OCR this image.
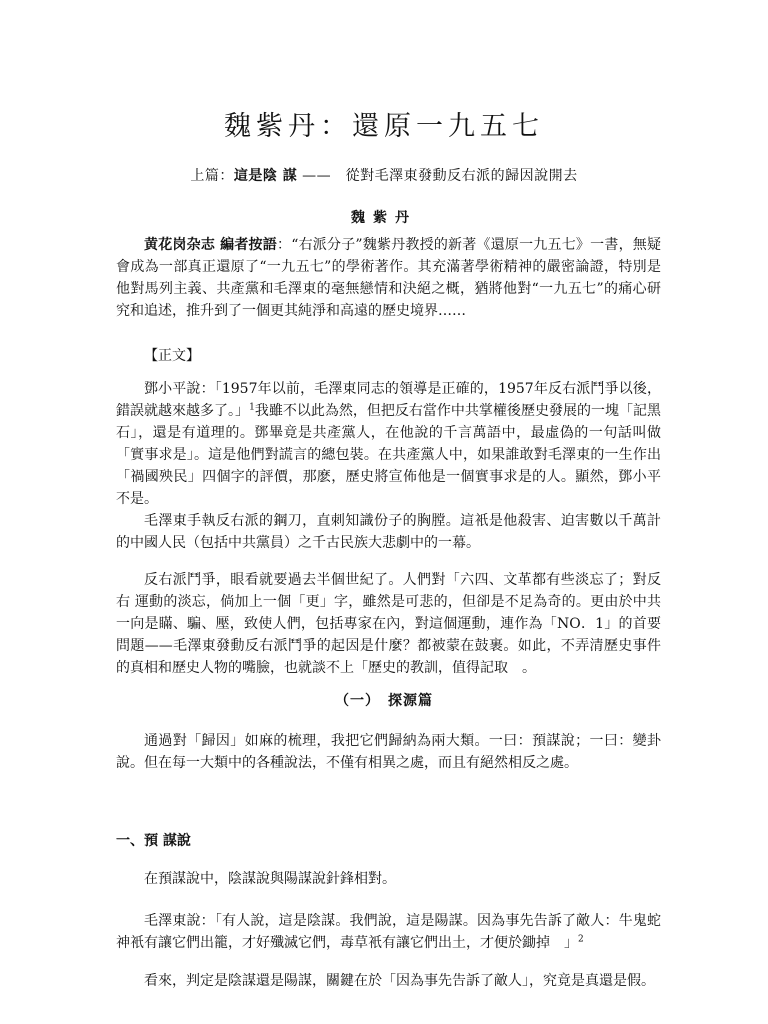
魏紫丹：還原一九五七
上篇：這是陰 謀 ——　從對毛澤東發動反右派的歸因說開去
魏紫丹

黄花岗杂志 編者按語：“右派分子”魏紫丹教授的新著《還原一九五七》一書，無疑會成為一部真正還原了“一九五七”的學術著作。其充滿著學術精神的嚴密論證，特別是他對馬列主義、共產黨和毛澤東的毫無戀情和決絕之概，猶將他對“一九五七”的痛心研究和追述，推升到了一個更其純淨和高遠的歷史境界……

【正文】

鄧小平說：「1957年以前，毛澤東同志的領導是正確的，1957年反右派鬥爭以後，錯誤就越來越多了。」$^1$我雖不以此為然，但把反右當作中共掌權後歷史發展的一塊「記黑石」，還是有道理的。鄧畢竟是共產黨人，在他說的千言萬語中，最虛偽的一句話叫做「實事求是」。這是他們對謊言的總包裝。在共產黨人中，如果誰敢對毛澤東的一生作出「禍國殃民」四個字的評價，那麽，歷史將宣佈他是一個實事求是的人。顯然，鄧小平不是。

毛澤東手執反右派的鋼刀，直刺知識份子的胸膛。這衹是他殺害、迫害數以千萬計的中國人民（包括中共黨員）之千古民族大悲劇中的一幕。

反右派鬥爭，眼看就要過去半個世紀了。人們對「六四、文革都有些淡忘了；對反右 運動的淡忘，倘加上一個「更」字，雖然是可悲的，但卻是不足為奇的。更由於中共一向是瞞、騙、壓，致使人們，包括專家在內，對這個運動，連作為「NO．1」的首要問題——毛澤東發動反右派鬥爭的起因是什麼？都被蒙在鼓裹。如此，不弄清歷史事件的真相和歷史人物的嘴臉，也就談不上「歷史的教訓，值得記取　。

（一）　探源篇

通過對「歸因」如麻的梳理，我把它們歸納為兩大類。一曰：預謀說；一曰：變卦說。但在每一大類中的各種說法，不僅有相異之處，而且有絕然相反之處。

一、預 謀說

在預謀說中，陰謀說與陽謀說針鋒相對。

毛澤東說：「有人說，這是陰謀。我們說，這是陽謀。因為事先告訴了敵人：牛鬼蛇神衹有讓它們出籠，才好殲滅它們，毒草衹有讓它們出土，才便於鋤掉　」$^2$

看來，判定是陰謀還是陽謀，關鍵在於「因為事先告訴了敵人」，究竟是真還是假。
